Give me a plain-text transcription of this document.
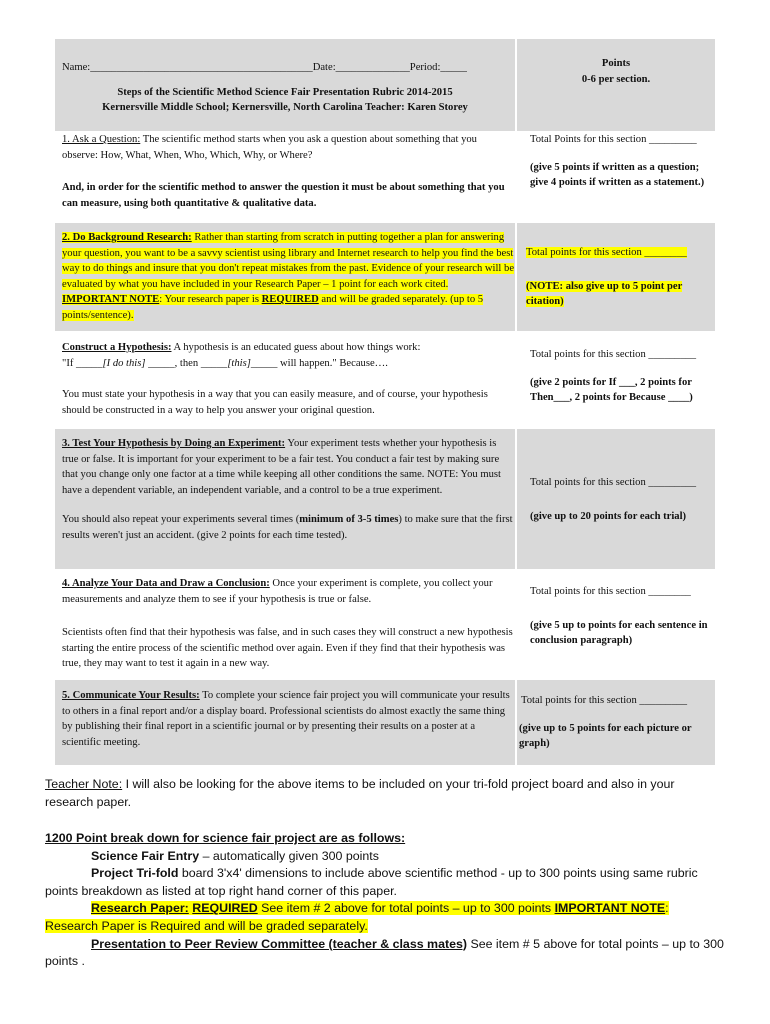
Name:__________________________________________Date:______________Period:_____

Steps of the Scientific Method Science Fair Presentation Rubric 2014-2015

Kernersville Middle School; Kernersville, North Carolina Teacher: Karen Storey

Points

0-6 per section.

1. Ask a Question: The scientific method starts when you ask a question about something that you observe: How, What, When, Who, Which, Why, or Where?

And, in order for the scientific method to answer the question it must be about something that you can measure, using both quantitative & qualitative data.

Total Points for this section _________

(give 5 points if written as a question; give 4 points if written as a statement.)

2. Do Background Research: Rather than starting from scratch in putting together a plan for answering your question, you want to be a savvy scientist using library and Internet research to help you find the best way to do things and insure that you don't repeat mistakes from the past. Evidence of your research will be evaluated by what you have included in your Research Paper – 1 point for each work cited. IMPORTANT NOTE: Your research paper is REQUIRED and will be graded separately. (up to 5 points/sentence).

Total points for this section ________

(NOTE: also give up to 5 point per citation)

Construct a Hypothesis: A hypothesis is an educated guess about how things work:

"If _____[I do this] _____, then _____[this]_____ will happen." Because….

You must state your hypothesis in a way that you can easily measure, and of course, your hypothesis should be constructed in a way to help you answer your original question.

Total points for this section _________

(give 2 points for If ___, 2 points for Then___, 2 points for Because ____)

3. Test Your Hypothesis by Doing an Experiment: Your experiment tests whether your hypothesis is true or false. It is important for your experiment to be a fair test. You conduct a fair test by making sure that you change only one factor at a time while keeping all other conditions the same. NOTE: You must have a dependent variable, an independent variable, and a control to be a true experiment.

You should also repeat your experiments several times (minimum of 3-5 times) to make sure that the first results weren't just an accident. (give 2 points for each time tested).

Total points for this section _________

(give up to 20 points for each trial)

4. Analyze Your Data and Draw a Conclusion: Once your experiment is complete, you collect your measurements and analyze them to see if your hypothesis is true or false.

Scientists often find that their hypothesis was false, and in such cases they will construct a new hypothesis starting the entire process of the scientific method over again. Even if they find that their hypothesis was true, they may want to test it again in a new way.

Total points for this section ________

(give 5 up to points for each sentence in conclusion paragraph)

5. Communicate Your Results: To complete your science fair project you will communicate your results to others in a final report and/or a display board. Professional scientists do almost exactly the same thing by publishing their final report in a scientific journal or by presenting their results on a poster at a scientific meeting.

Total points for this section _________

(give up to 5 points for each picture or graph)

Teacher Note: I will also be looking for the above items to be included on your tri-fold project board and also in your research paper.

1200 Point break down for science fair project are as follows:

Science Fair Entry – automatically given 300 points

Project Tri-fold board 3'x4' dimensions to include above scientific method - up to 300 points using same rubric points breakdown as listed at top right hand corner of this paper.

Research Paper: REQUIRED See item # 2 above for total points – up to 300 points IMPORTANT NOTE: Research Paper is Required and will be graded separately.

Presentation to Peer Review Committee (teacher & class mates) See item # 5 above for total points – up to 300 points .
